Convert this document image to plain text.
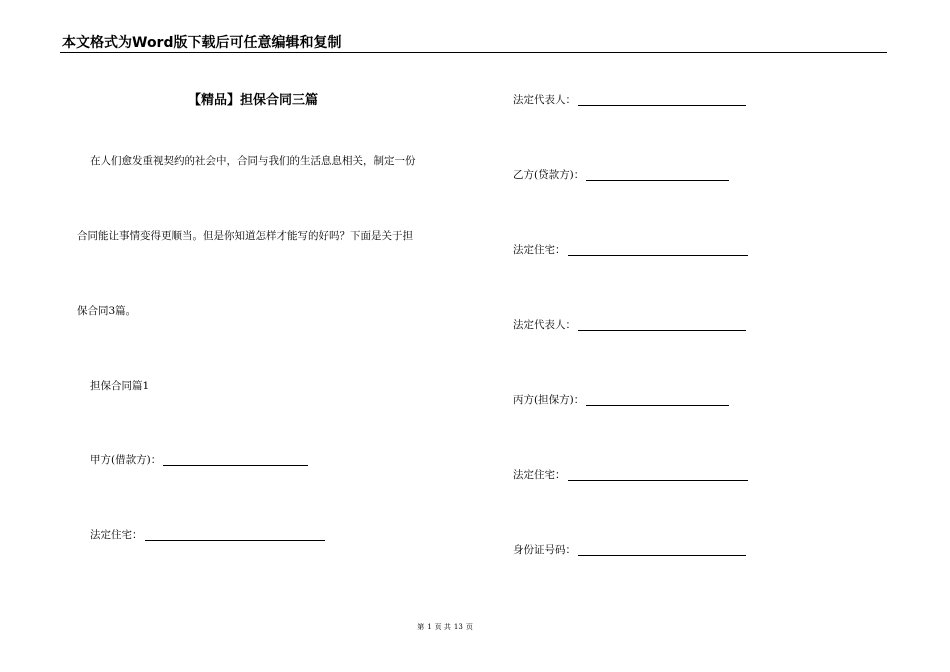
本文格式为Word版下载后可任意编辑和复制
【精品】担保合同三篇
在人们愈发重视契约的社会中，合同与我们的生活息息相关，制定一份
合同能让事情变得更顺当。但是你知道怎样才能写的好吗？下面是关于担
保合同3篇。
担保合同篇1
甲方(借款方)：
法定住宅：
法定代表人：
乙方(贷款方)：
法定住宅：
法定代表人：
丙方(担保方)：
法定住宅：
身份证号码：
第 1 页 共 13 页
